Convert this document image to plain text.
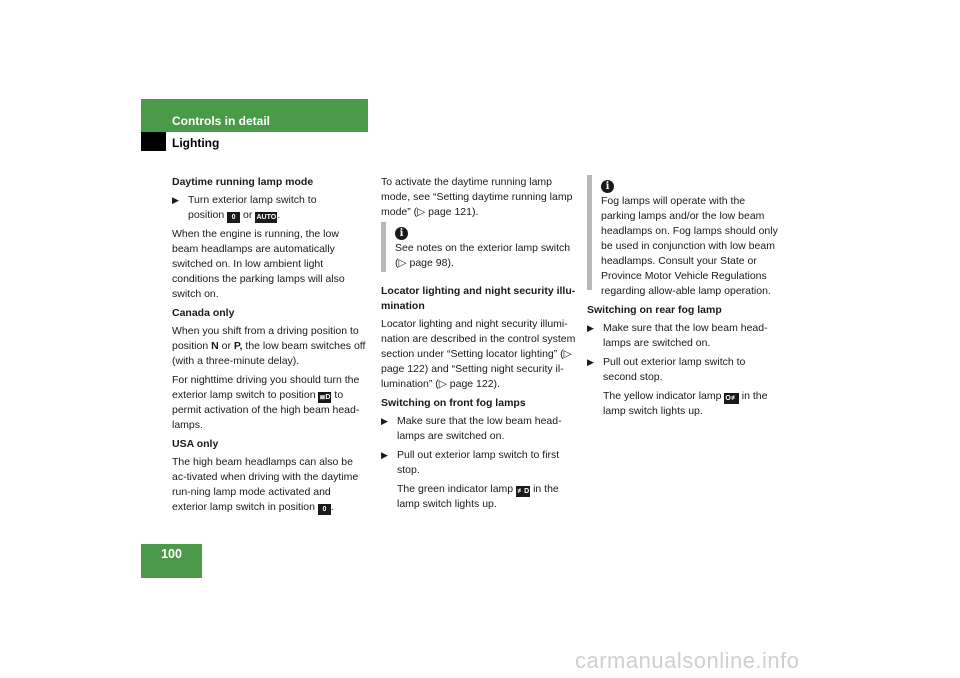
Controls in detail
Lighting

Daytime running lamp mode

▶ Turn exterior lamp switch to
position 0 or AUTO.

When the engine is running, the low beam headlamps are automatically switched on. In low ambient light conditions the parking lamps will also switch on.

Canada only

When you shift from a driving position to position N or P, the low beam switches off (with a three-minute delay).

For nighttime driving you should turn the exterior lamp switch to position ≣D to permit activation of the high beam head-lamps.

USA only

The high beam headlamps can also be ac-tivated when driving with the daytime run-ning lamp mode activated and exterior lamp switch in position 0 .

To activate the daytime running lamp mode, see “Setting daytime running lamp mode” (▷ page 121).

i
See notes on the exterior lamp switch (▷ page 98).

Locator lighting and night security illu-mination

Locator lighting and night security illumi-nation are described in the control system section under “Setting locator lighting” (▷ page 122) and “Setting night security il-lumination” (▷ page 122).

Switching on front fog lamps

▶ Make sure that the low beam head-lamps are switched on.
▶ Pull out exterior lamp switch to first stop.
The green indicator lamp ≢D in the lamp switch lights up.
i
Fog lamps will operate with the parking lamps and/or the low beam headlamps on. Fog lamps should only be used in conjunction with low beam headlamps. Consult your State or Province Motor Vehicle Regulations regarding allow-able lamp operation.

Switching on rear fog lamp

▶ Make sure that the low beam head-lamps are switched on.
▶ Pull out exterior lamp switch to second stop.
The yellow indicator lamp O≢ in the lamp switch lights up.
100
carmanualsonline.info
